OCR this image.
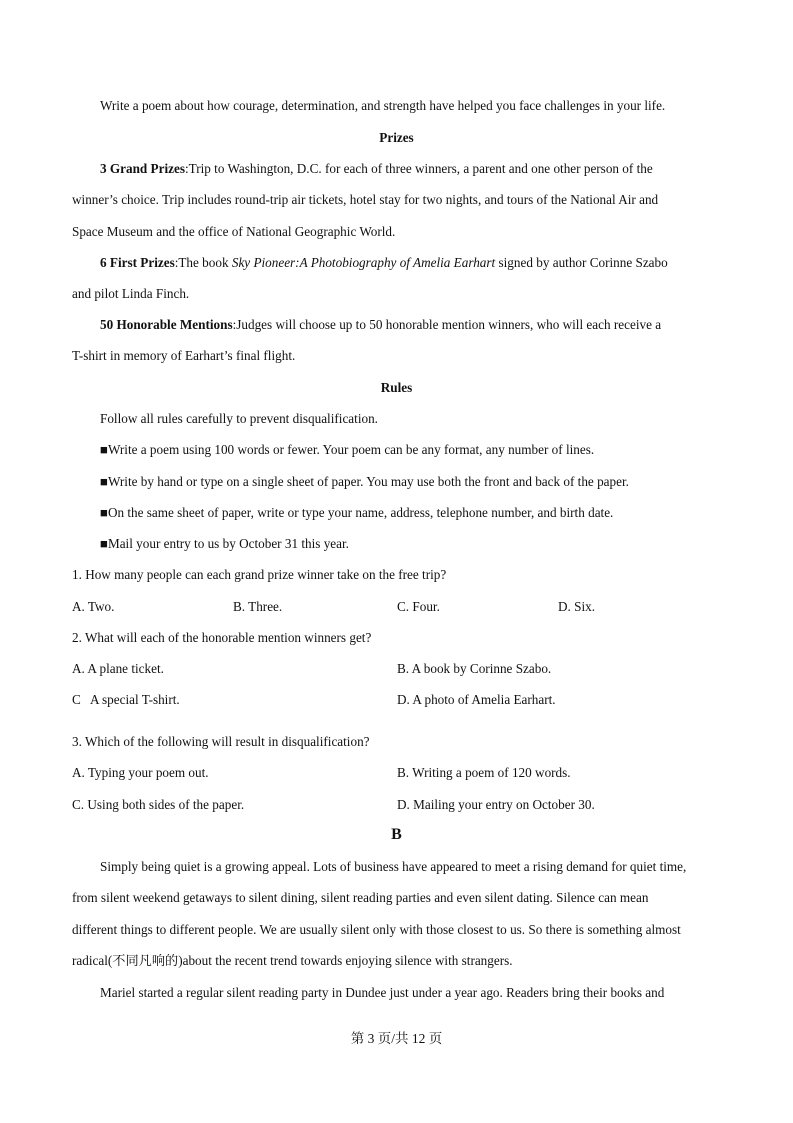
Write a poem about how courage, determination, and strength have helped you face challenges in your life.
Prizes
3 Grand Prizes:Trip to Washington, D.C. for each of three winners, a parent and one other person of the
winner’s choice. Trip includes round-trip air tickets, hotel stay for two nights, and tours of the National Air and
Space Museum and the office of National Geographic World.
6 First Prizes:The book Sky Pioneer:A Photobiography of Amelia Earhart signed by author Corinne Szabo
and pilot Linda Finch.
50 Honorable Mentions:Judges will choose up to 50 honorable mention winners, who will each receive a
T-shirt in memory of Earhart’s final flight.
Rules
Follow all rules carefully to prevent disqualification.
■Write a poem using 100 words or fewer. Your poem can be any format, any number of lines.
■Write by hand or type on a single sheet of paper. You may use both the front and back of the paper.
■On the same sheet of paper, write or type your name, address, telephone number, and birth date.
■Mail your entry to us by October 31 this year.
1. How many people can each grand prize winner take on the free trip?
A. Two.	B. Three.	C. Four.	D. Six.
2. What will each of the honorable mention winners get?
A. A plane ticket.	B. A book by Corinne Szabo.
C   A special T-shirt.	D. A photo of Amelia Earhart.
3. Which of the following will result in disqualification?
A. Typing your poem out.	B. Writing a poem of 120 words.
C. Using both sides of the paper.	D. Mailing your entry on October 30.
B
Simply being quiet is a growing appeal. Lots of business have appeared to meet a rising demand for quiet time,
from silent weekend getaways to silent dining, silent reading parties and even silent dating. Silence can mean
different things to different people. We are usually silent only with those closest to us. So there is something almost
radical(不同凡响的)about the recent trend towards enjoying silence with strangers.
Mariel started a regular silent reading party in Dundee just under a year ago. Readers bring their books and
第 3 页/共 12 页
